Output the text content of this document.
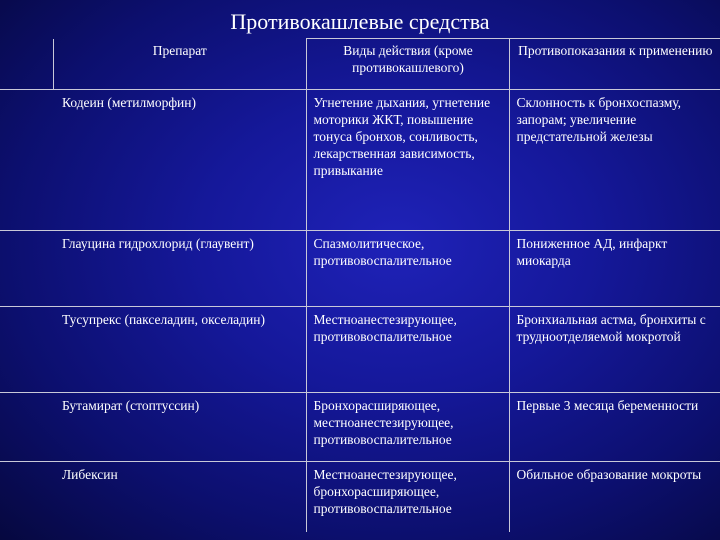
Противокашлевые средства
Препарат	Виды действия (кроме противокашлевого)	Противопоказания к применению
Кодеин (метилморфин)	Угнетение дыхания, угнетение моторики ЖКТ, повышение тонуса бронхов, сонливость, лекарственная зависимость, привыкание	Склонность к бронхоспазму, запорам; увеличение предстательной железы
Глауцина гидрохлорид (глаувент)	Спазмолитическое, противовоспалительное	Пониженное АД, инфаркт миокарда
Тусупрекс (пакселадин, окселадин)	Местноанестезирующее, противовоспалительное	Бронхиальная астма, бронхиты с трудноотделяемой мокротой
Бутамират (стоптуссин)	Бронхорасширяющее, местноанестезирующее, противовоспалительное	Первые 3 месяца беременности
Либексин	Местноанестезирующее, бронхорасширяющее, противовоспалительное	Обильное образование мокроты
